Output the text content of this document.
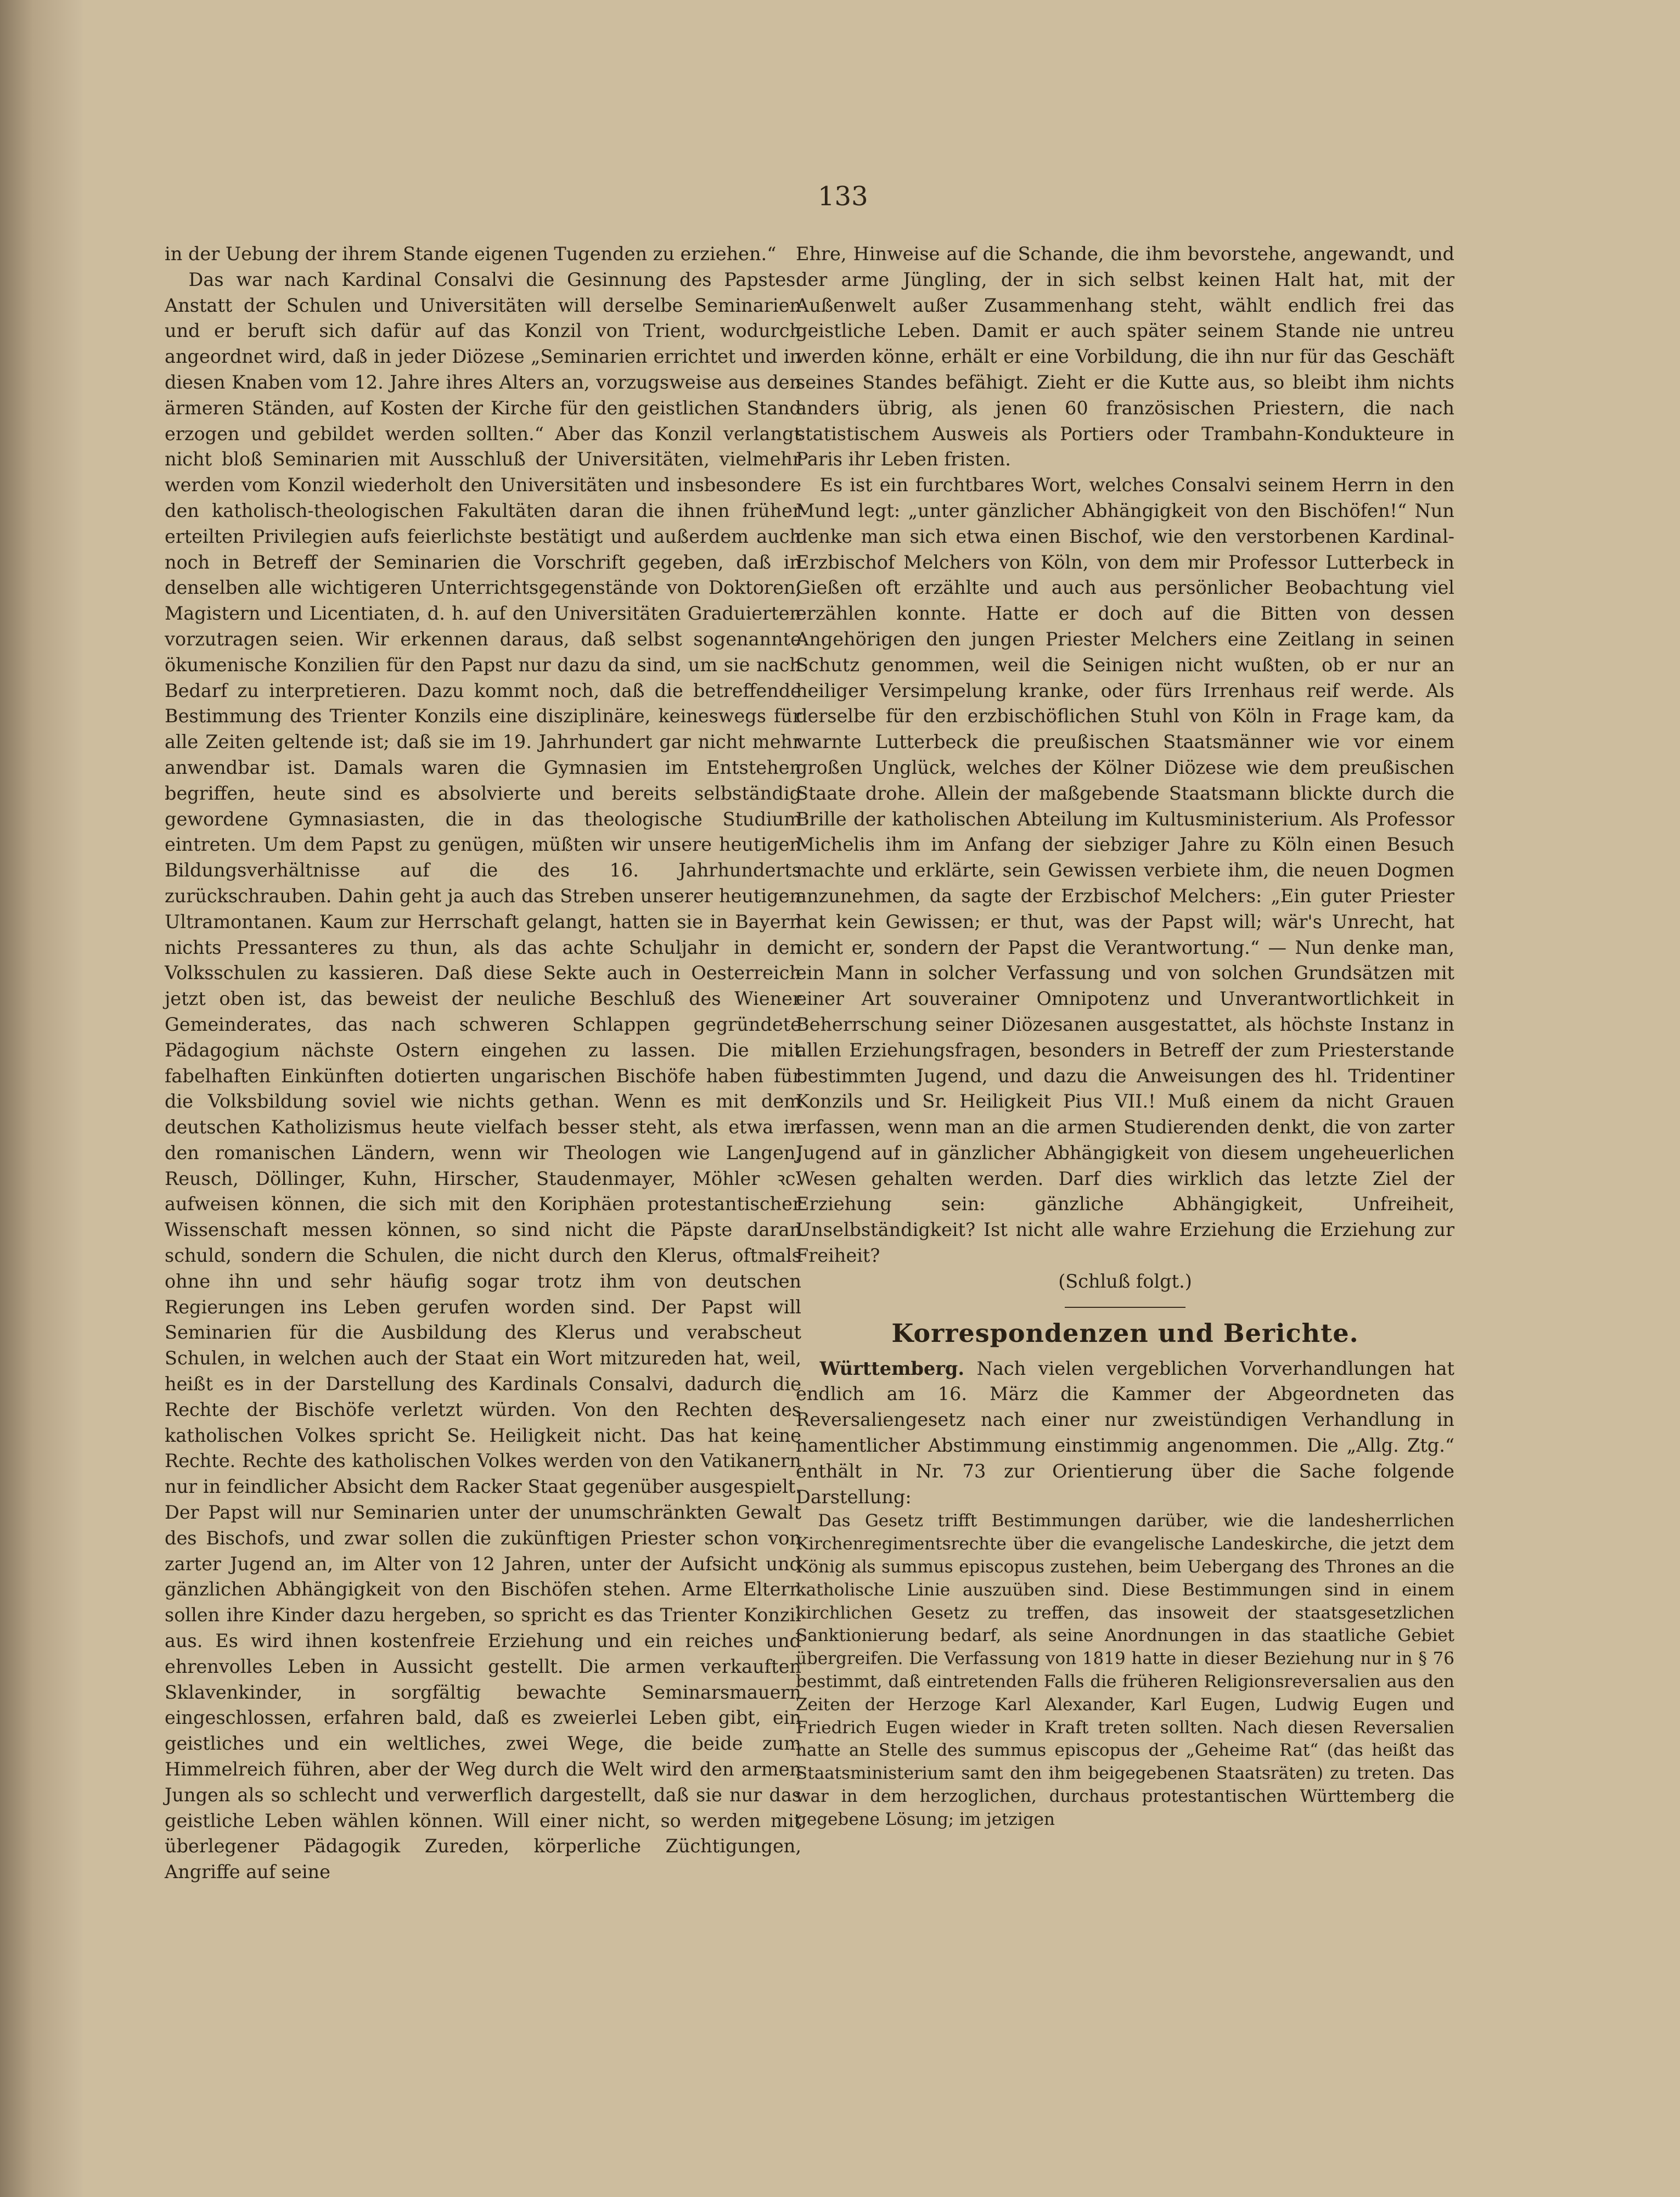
133

in der Uebung der ihrem Stande eigenen Tugenden zu erziehen.“

Das war nach Kardinal Consalvi die Gesinnung des Papstes. Anstatt der Schulen und Universitäten will derselbe Seminarien und er beruft sich dafür auf das Konzil von Trient, wodurch angeordnet wird, daß in jeder Diözese „Seminarien errichtet und in diesen Knaben vom 12. Jahre ihres Alters an, vorzugsweise aus den ärmeren Ständen, auf Kosten der Kirche für den geistlichen Stand erzogen und gebildet werden sollten.“ Aber das Konzil verlangt nicht bloß Seminarien mit Ausschluß der Universitäten, vielmehr werden vom Konzil wiederholt den Universitäten und insbesondere den katholisch-theologischen Fakultäten daran die ihnen früher erteilten Privilegien aufs feierlichste bestätigt und außerdem auch noch in Betreff der Seminarien die Vorschrift gegeben, daß in denselben alle wichtigeren Unterrichtsgegenstände von Doktoren, Magistern und Licentiaten, d. h. auf den Universitäten Graduierten vorzutragen seien. Wir erkennen daraus, daß selbst sogenannte ökumenische Konzilien für den Papst nur dazu da sind, um sie nach Bedarf zu interpretieren. Dazu kommt noch, daß die betreffende Bestimmung des Trienter Konzils eine disziplinäre, keineswegs für alle Zeiten geltende ist; daß sie im 19. Jahrhundert gar nicht mehr anwendbar ist. Damals waren die Gymnasien im Entstehen begriffen, heute sind es absolvierte und bereits selbständig gewordene Gymnasiasten, die in das theologische Studium eintreten. Um dem Papst zu genügen, müßten wir unsere heutigen Bildungsverhältnisse auf die des 16. Jahrhunderts zurückschrauben. Dahin geht ja auch das Streben unserer heutigen Ultramontanen. Kaum zur Herrschaft gelangt, hatten sie in Bayern nichts Pressanteres zu thun, als das achte Schuljahr in den Volksschulen zu kassieren. Daß diese Sekte auch in Oesterreich jetzt oben ist, das beweist der neuliche Beschluß des Wiener Gemeinderates, das nach schweren Schlappen gegründete Pädagogium nächste Ostern eingehen zu lassen. Die mit fabelhaften Einkünften dotierten ungarischen Bischöfe haben für die Volksbildung soviel wie nichts gethan. Wenn es mit dem deutschen Katholizismus heute vielfach besser steht, als etwa in den romanischen Ländern, wenn wir Theologen wie Langen, Reusch, Döllinger, Kuhn, Hirscher, Staudenmayer, Möhler ꝛc. aufweisen können, die sich mit den Koriphäen protestantischer Wissenschaft messen können, so sind nicht die Päpste daran schuld, sondern die Schulen, die nicht durch den Klerus, oftmals ohne ihn und sehr häufig sogar trotz ihm von deutschen Regierungen ins Leben gerufen worden sind. Der Papst will Seminarien für die Ausbildung des Klerus und verabscheut Schulen, in welchen auch der Staat ein Wort mitzureden hat, weil, heißt es in der Darstellung des Kardinals Consalvi, dadurch die Rechte der Bischöfe verletzt würden. Von den Rechten des katholischen Volkes spricht Se. Heiligkeit nicht. Das hat keine Rechte. Rechte des katholischen Volkes werden von den Vatikanern nur in feindlicher Absicht dem Racker Staat gegenüber ausgespielt. Der Papst will nur Seminarien unter der unumschränkten Gewalt des Bischofs, und zwar sollen die zukünftigen Priester schon von zarter Jugend an, im Alter von 12 Jahren, unter der Aufsicht und gänzlichen Abhängigkeit von den Bischöfen stehen. Arme Eltern sollen ihre Kinder dazu hergeben, so spricht es das Trienter Konzil aus. Es wird ihnen kostenfreie Erziehung und ein reiches und ehrenvolles Leben in Aussicht gestellt. Die armen verkauften Sklavenkinder, in sorgfältig bewachte Seminarsmauern eingeschlossen, erfahren bald, daß es zweierlei Leben gibt, ein geistliches und ein weltliches, zwei Wege, die beide zum Himmelreich führen, aber der Weg durch die Welt wird den armen Jungen als so schlecht und verwerflich dargestellt, daß sie nur das geistliche Leben wählen können. Will einer nicht, so werden mit überlegener Pädagogik Zureden, körperliche Züchtigungen, Angriffe auf seine

Ehre, Hinweise auf die Schande, die ihm bevorstehe, angewandt, und der arme Jüngling, der in sich selbst keinen Halt hat, mit der Außenwelt außer Zusammenhang steht, wählt endlich frei das geistliche Leben. Damit er auch später seinem Stande nie untreu werden könne, erhält er eine Vorbildung, die ihn nur für das Geschäft seines Standes befähigt. Zieht er die Kutte aus, so bleibt ihm nichts anders übrig, als jenen 60 französischen Priestern, die nach statistischem Ausweis als Portiers oder Trambahn-Kondukteure in Paris ihr Leben fristen.

Es ist ein furchtbares Wort, welches Consalvi seinem Herrn in den Mund legt: „unter gänzlicher Abhängigkeit von den Bischöfen!“ Nun denke man sich etwa einen Bischof, wie den verstorbenen Kardinal-Erzbischof Melchers von Köln, von dem mir Professor Lutterbeck in Gießen oft erzählte und auch aus persönlicher Beobachtung viel erzählen konnte. Hatte er doch auf die Bitten von dessen Angehörigen den jungen Priester Melchers eine Zeitlang in seinen Schutz genommen, weil die Seinigen nicht wußten, ob er nur an heiliger Versimpelung kranke, oder fürs Irrenhaus reif werde. Als derselbe für den erzbischöflichen Stuhl von Köln in Frage kam, da warnte Lutterbeck die preußischen Staatsmänner wie vor einem großen Unglück, welches der Kölner Diözese wie dem preußischen Staate drohe. Allein der maßgebende Staatsmann blickte durch die Brille der katholischen Abteilung im Kultusministerium. Als Professor Michelis ihm im Anfang der siebziger Jahre zu Köln einen Besuch machte und erklärte, sein Gewissen verbiete ihm, die neuen Dogmen anzunehmen, da sagte der Erzbischof Melchers: „Ein guter Priester hat kein Gewissen; er thut, was der Papst will; wär's Unrecht, hat nicht er, sondern der Papst die Verantwortung.“ — Nun denke man, ein Mann in solcher Verfassung und von solchen Grundsätzen mit einer Art souverainer Omnipotenz und Unverantwortlichkeit in Beherrschung seiner Diözesanen ausgestattet, als höchste Instanz in allen Erziehungsfragen, besonders in Betreff der zum Priesterstande bestimmten Jugend, und dazu die Anweisungen des hl. Tridentiner Konzils und Sr. Heiligkeit Pius VII.! Muß einem da nicht Grauen erfassen, wenn man an die armen Studierenden denkt, die von zarter Jugend auf in gänzlicher Abhängigkeit von diesem ungeheuerlichen Wesen gehalten werden. Darf dies wirklich das letzte Ziel der Erziehung sein: gänzliche Abhängigkeit, Unfreiheit, Unselbständigkeit? Ist nicht alle wahre Erziehung die Erziehung zur Freiheit?

(Schluß folgt.)

Korrespondenzen und Berichte.

Württemberg. Nach vielen vergeblichen Vorverhandlungen hat endlich am 16. März die Kammer der Abgeordneten das Reversaliengesetz nach einer nur zweistündigen Verhandlung in namentlicher Abstimmung einstimmig angenommen. Die „Allg. Ztg.“ enthält in Nr. 73 zur Orientierung über die Sache folgende Darstellung:

Das Gesetz trifft Bestimmungen darüber, wie die landesherrlichen Kirchenregimentsrechte über die evangelische Landeskirche, die jetzt dem König als summus episcopus zustehen, beim Uebergang des Thrones an die katholische Linie auszuüben sind. Diese Bestimmungen sind in einem kirchlichen Gesetz zu treffen, das insoweit der staatsgesetzlichen Sanktionierung bedarf, als seine Anordnungen in das staatliche Gebiet übergreifen. Die Verfassung von 1819 hatte in dieser Beziehung nur in § 76 bestimmt, daß eintretenden Falls die früheren Religionsreversalien aus den Zeiten der Herzoge Karl Alexander, Karl Eugen, Ludwig Eugen und Friedrich Eugen wieder in Kraft treten sollten. Nach diesen Reversalien hatte an Stelle des summus episcopus der „Geheime Rat“ (das heißt das Staatsministerium samt den ihm beigegebenen Staatsräten) zu treten. Das war in dem herzoglichen, durchaus protestantischen Württemberg die gegebene Lösung; im jetzigen
